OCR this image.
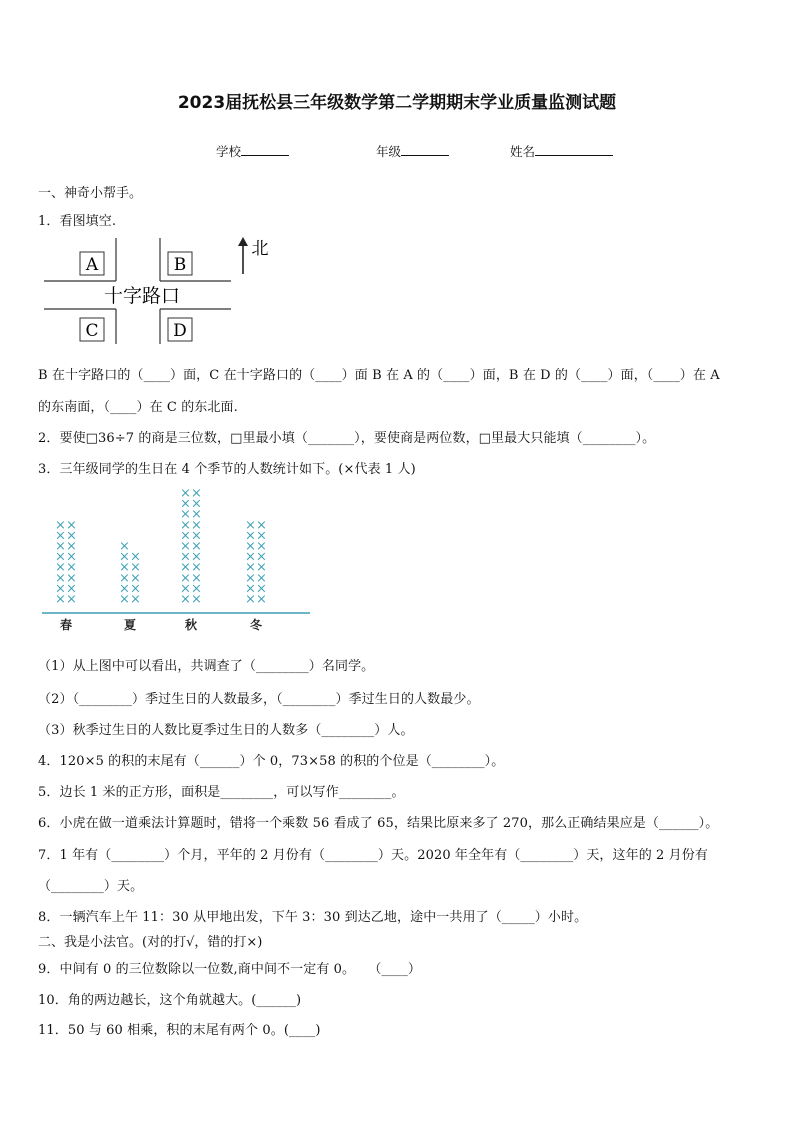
2023届抚松县三年级数学第二学期期末学业质量监测试题
学校	年级	姓名
一、神奇小帮手。
1．看图填空.
A	B
C	D
十字路口
北
B 在十字路口的（____）面，C 在十字路口的（____）面 B 在 A 的（____）面，B 在 D 的（____）面，（____）在 A
的东南面，（____）在 C 的东北面.
2．要使□36÷7 的商是三位数，□里最小填（_______），要使商是两位数，□里最大只能填（________）。
3．三年级同学的生日在 4 个季节的人数统计如下。(×代表 1 人)
×
×
×
×
×
×
×
×
×
×
×
×
×
×
×
×
×
×
×
×
×
×
×
×
×
×
×
×
×
×
×
×
×
×
×
×
×
×
×
×
×
×
×
×
×
×
×
×
×
×
×
×
×
×
×
×
×
×
×
×
×
×
×
×
×
春	夏	秋	冬
（1）从上图中可以看出，共调查了（________）名同学。
（2）（________）季过生日的人数最多，（________）季过生日的人数最少。
（3）秋季过生日的人数比夏季过生日的人数多（________）人。
4．120×5 的积的末尾有（______）个 0，73×58 的积的个位是（________）。
5．边长 1 米的正方形，面积是________，可以写作________。
6．小虎在做一道乘法计算题时，错将一个乘数 56 看成了 65，结果比原来多了 270，那么正确结果应是（______）。
7．1 年有（________）个月，平年的 2 月份有（________）天。2020 年全年有（________）天，这年的 2 月份有
（________）天。
8．一辆汽车上午 11：30 从甲地出发，下午 3：30 到达乙地，途中一共用了（_____）小时。
二、我是小法官。(对的打√，错的打×)
9．中间有 0 的三位数除以一位数,商中间不一定有 0。　　（____）
10．角的两边越长，这个角就越大。(______)
11．50 与 60 相乘，积的末尾有两个 0。(____)
